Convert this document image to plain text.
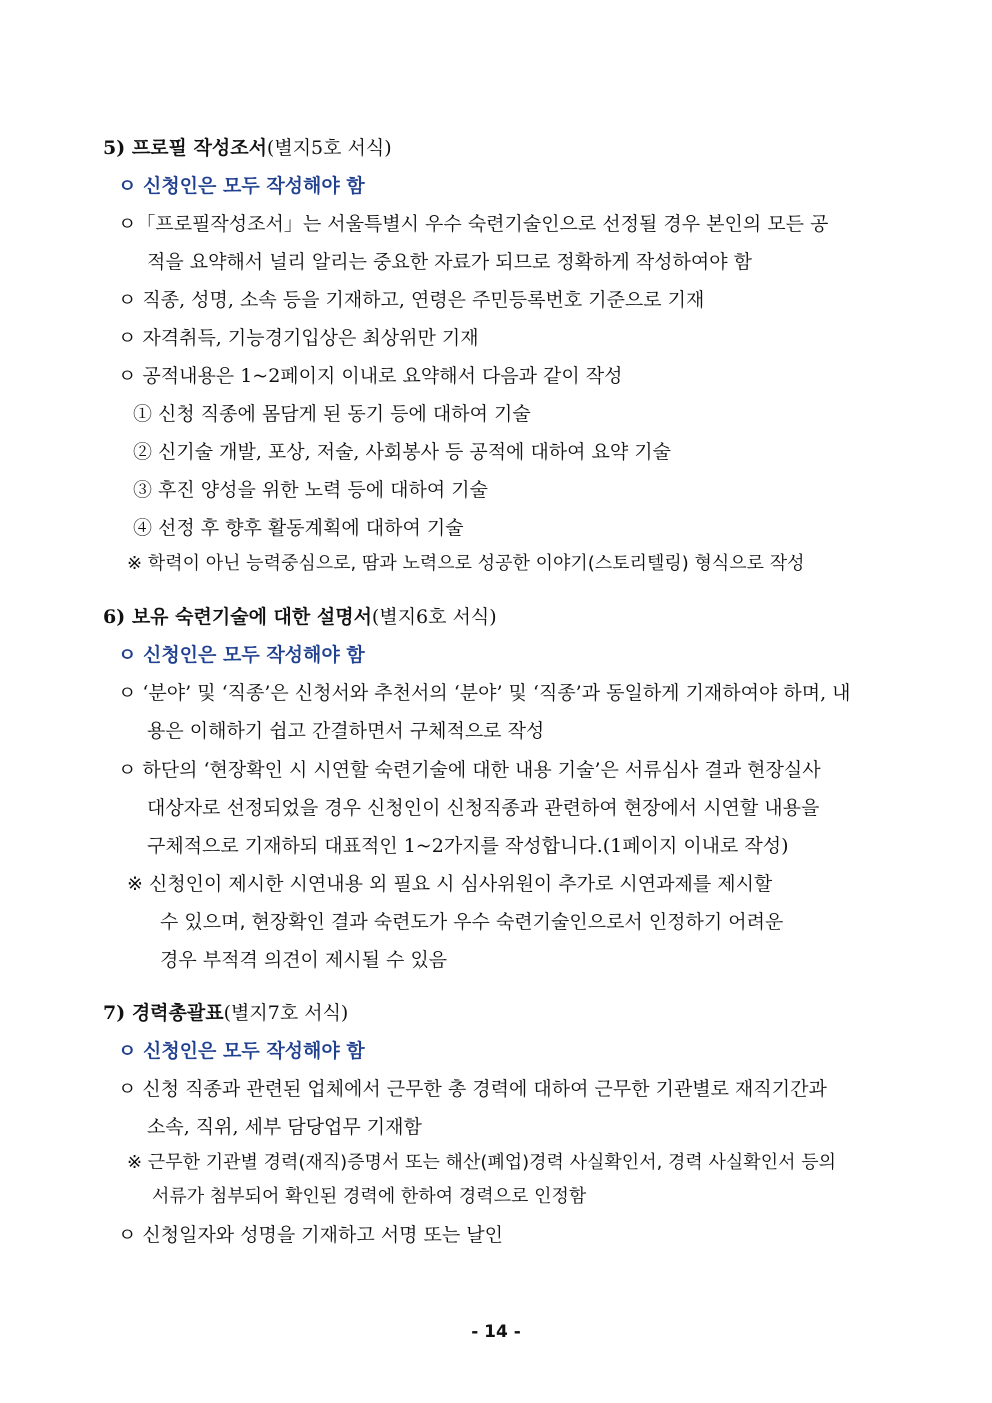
5) 프로필 작성조서(별지5호 서식)
ㅇ 신청인은 모두 작성해야 함
ㅇ「프로필작성조서」는 서울특별시 우수 숙련기술인으로 선정될 경우 본인의 모든 공
적을 요약해서 널리 알리는 중요한 자료가 되므로 정확하게 작성하여야 함
ㅇ 직종, 성명, 소속 등을 기재하고, 연령은 주민등록번호 기준으로 기재
ㅇ 자격취득, 기능경기입상은 최상위만 기재
ㅇ 공적내용은 1~2페이지 이내로 요약해서 다음과 같이 작성
① 신청 직종에 몸담게 된 동기 등에 대하여 기술
② 신기술 개발, 포상, 저술, 사회봉사 등 공적에 대하여 요약 기술
③ 후진 양성을 위한 노력 등에 대하여 기술
④ 선정 후 향후 활동계획에 대하여 기술
※ 학력이 아닌 능력중심으로, 땀과 노력으로 성공한 이야기(스토리텔링) 형식으로 작성
6) 보유 숙련기술에 대한 설명서(별지6호 서식)
ㅇ 신청인은 모두 작성해야 함
ㅇ ‘분야’ 및 ‘직종’은 신청서와 추천서의 ‘분야’ 및 ‘직종’과 동일하게 기재하여야 하며, 내
용은 이해하기 쉽고 간결하면서 구체적으로 작성
ㅇ 하단의 ‘현장확인 시 시연할 숙련기술에 대한 내용 기술’은 서류심사 결과 현장실사
대상자로 선정되었을 경우 신청인이 신청직종과 관련하여 현장에서 시연할 내용을
구체적으로 기재하되 대표적인 1~2가지를 작성합니다.(1페이지 이내로 작성)
※ 신청인이 제시한 시연내용 외 필요 시 심사위원이 추가로 시연과제를 제시할
수 있으며, 현장확인 결과 숙련도가 우수 숙련기술인으로서 인정하기 어려운
경우 부적격 의견이 제시될 수 있음
7) 경력총괄표(별지7호 서식)
ㅇ 신청인은 모두 작성해야 함
ㅇ 신청 직종과 관련된 업체에서 근무한 총 경력에 대하여 근무한 기관별로 재직기간과
소속, 직위, 세부 담당업무 기재함
※ 근무한 기관별 경력(재직)증명서 또는 해산(폐업)경력 사실확인서, 경력 사실확인서 등의
서류가 첨부되어 확인된 경력에 한하여 경력으로 인정함
ㅇ 신청일자와 성명을 기재하고 서명 또는 날인
- 14 -
